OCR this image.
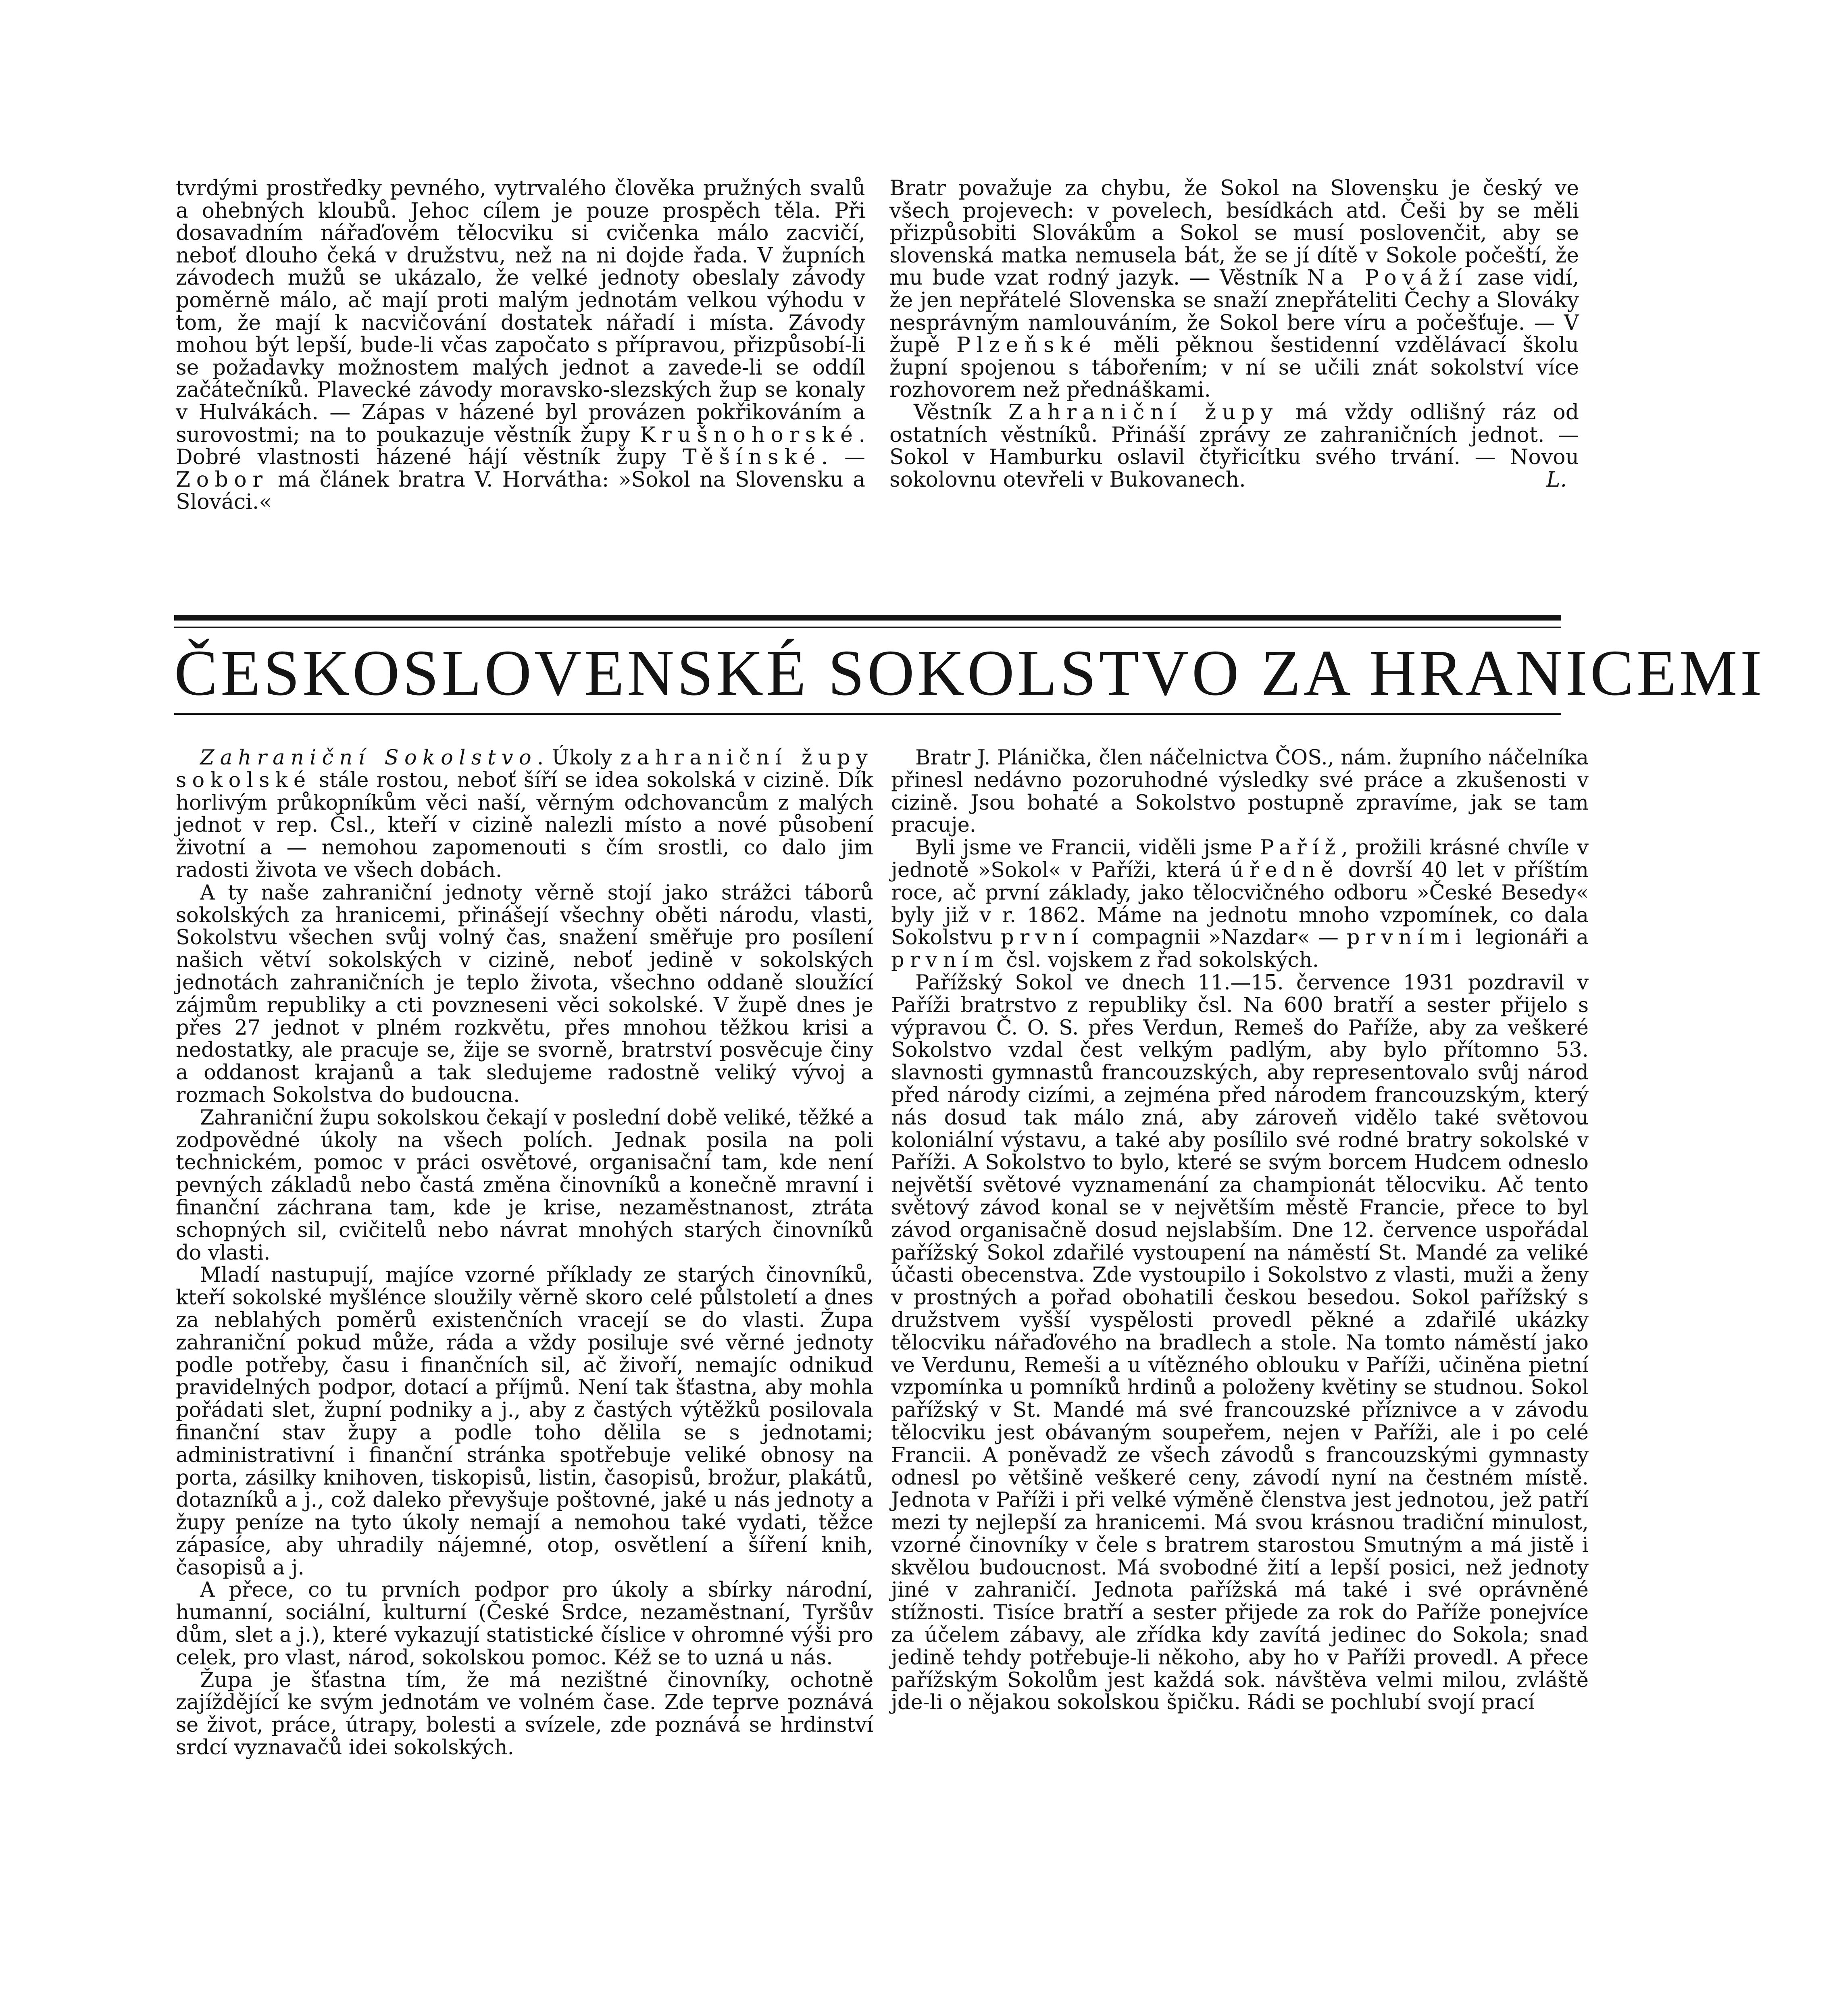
tvrdými prostředky pevného, vytrvalého člověka pružných svalů a ohebných kloubů. Jehoc cílem je pouze prospěch těla. Při dosavadním nářaďovém tělocviku si cvičenka málo zacvičí, neboť dlouho čeká v družstvu, než na ni dojde řada. V župních závodech mužů se ukázalo, že velké jednoty obeslaly závody poměrně málo, ač mají proti malým jednotám velkou výhodu v tom, že mají k nacvičování dostatek nářadí i místa. Závody mohou být lepší, bude-li včas započato s přípravou, přizpůsobí-li se požadavky možnostem malých jednot a zavede-li se oddíl začátečníků. Plavecké závody moravsko-slezských žup se konaly v Hulvákách. — Zápas v házené byl provázen pokřikováním a surovostmi; na to poukazuje věstník župy Krušnohorské. Dobré vlastnosti házené hájí věstník župy Těšínské. — Zobor má článek bratra V. Horvátha: »Sokol na Slovensku a Slováci.«

Bratr považuje za chybu, že Sokol na Slovensku je český ve všech projevech: v povelech, besídkách atd. Češi by se měli přizpůsobiti Slovákům a Sokol se musí poslovenčit, aby se slovenská matka nemusela bát, že se jí dítě v Sokole počeští, že mu bude vzat rodný jazyk. — Věstník Na Pováží zase vidí, že jen nepřátelé Slovenska se snaží znepřáteliti Čechy a Slováky nesprávným namlouváním, že Sokol bere víru a počešťuje. — V župě Plzeňské měli pěknou šestidenní vzdělávací školu župní spojenou s tábořením; v ní se učili znát sokolství více rozhovorem než přednáškami.

Věstník Zahraniční župy má vždy odlišný ráz od ostatních věstníků. Přináší zprávy ze zahraničních jednot. — Sokol v Hamburku oslavil čtyřicítku svého trvání. — Novou sokolovnu otevřeli v Bukovanech.	L.

ČESKOSLOVENSKÉ SOKOLSTVO ZA HRANICEMI

Zahraniční Sokolstvo. Úkoly zahraniční župy sokolské stále rostou, neboť šíří se idea sokolská v cizině. Dík horlivým průkopníkům věci naší, věrným odchovancům z malých jednot v rep. Čsl., kteří v cizině nalezli místo a nové působení životní a — nemohou zapomenouti s čím srostli, co dalo jim radosti života ve všech dobách.

A ty naše zahraniční jednoty věrně stojí jako strážci táborů sokolských za hranicemi, přinášejí všechny oběti národu, vlasti, Sokolstvu všechen svůj volný čas, snažení směřuje pro posílení našich větví sokolských v cizině, neboť jedině v sokolských jednotách zahraničních je teplo života, všechno oddaně sloužící zájmům republiky a cti povzneseni věci sokolské. V župě dnes je přes 27 jednot v plném rozkvětu, přes mnohou těžkou krisi a nedostatky, ale pracuje se, žije se svorně, bratrství posvěcuje činy a oddanost krajanů a tak sledujeme radostně veliký vývoj a rozmach Sokolstva do budoucna.

Zahraniční župu sokolskou čekají v poslední době veliké, těžké a zodpovědné úkoly na všech polích. Jednak posila na poli technickém, pomoc v práci osvětové, organisační tam, kde není pevných základů nebo častá změna činovníků a konečně mravní i finanční záchrana tam, kde je krise, nezaměstnanost, ztráta schopných sil, cvičitelů nebo návrat mnohých starých činovníků do vlasti.

Mladí nastupují, majíce vzorné příklady ze starých činovníků, kteří sokolské myšlénce sloužily věrně skoro celé půlstoletí a dnes za neblahých poměrů existenčních vracejí se do vlasti. Župa zahraniční pokud může, ráda a vždy posiluje své věrné jednoty podle potřeby, času i finančních sil, ač živoří, nemajíc odnikud pravidelných podpor, dotací a příjmů. Není tak šťastna, aby mohla pořádati slet, župní podniky a j., aby z častých výtěžků posilovala finanční stav župy a podle toho dělila se s jednotami; administrativní i finanční stránka spotřebuje veliké obnosy na porta, zásilky knihoven, tiskopisů, listin, časopisů, brožur, plakátů, dotazníků a j., což daleko převyšuje poštovné, jaké u nás jednoty a župy peníze na tyto úkoly nemají a nemohou také vydati, těžce zápasíce, aby uhradily nájemné, otop, osvětlení a šíření knih, časopisů a j.

A přece, co tu prvních podpor pro úkoly a sbírky národní, humanní, sociální, kulturní (České Srdce, nezaměstnaní, Tyršův dům, slet a j.), které vykazují statistické číslice v ohromné výši pro celek, pro vlast, národ, sokolskou pomoc. Kéž se to uzná u nás.

Župa je šťastna tím, že má nezištné činovníky, ochotně zajíždějící ke svým jednotám ve volném čase. Zde teprve poznává se život, práce, útrapy, bolesti a svízele, zde poznává se hrdinství srdcí vyznavačů idei sokolských.

Bratr J. Plánička, člen náčelnictva ČOS., nám. župního náčelníka přinesl nedávno pozoruhodné výsledky své práce a zkušenosti v cizině. Jsou bohaté a Sokolstvo postupně zpravíme, jak se tam pracuje.

Byli jsme ve Francii, viděli jsme Paříž, prožili krásné chvíle v jednotě »Sokol« v Paříži, která úředně dovrší 40 let v příštím roce, ač první základy, jako tělocvičného odboru »České Besedy« byly již v r. 1862. Máme na jednotu mnoho vzpomínek, co dala Sokolstvu první compagnii »Nazdar« — prvními legionáři a prvním čsl. vojskem z řad sokolských.

Pařížský Sokol ve dnech 11.—15. července 1931 pozdravil v Paříži bratrstvo z republiky čsl. Na 600 bratří a sester přijelo s výpravou Č. O. S. přes Verdun, Remeš do Paříže, aby za veškeré Sokolstvo vzdal čest velkým padlým, aby bylo přítomno 53. slavnosti gymnastů francouzských, aby representovalo svůj národ před národy cizími, a zejména před národem francouzským, který nás dosud tak málo zná, aby zároveň vidělo také světovou koloniální výstavu, a také aby posílilo své rodné bratry sokolské v Paříži. A Sokolstvo to bylo, které se svým borcem Hudcem odneslo největší světové vyznamenání za championát tělocviku. Ač tento světový závod konal se v největším městě Francie, přece to byl závod organisačně dosud nejslabším. Dne 12. července uspořádal pařížský Sokol zdařilé vystoupení na náměstí St. Mandé za veliké účasti obecenstva. Zde vystoupilo i Sokolstvo z vlasti, muži a ženy v prostných a pořad obohatili českou besedou. Sokol pařížský s družstvem vyšší vyspělosti provedl pěkné a zdařilé ukázky tělocviku nářaďového na bradlech a stole. Na tomto náměstí jako ve Verdunu, Remeši a u vítězného oblouku v Paříži, učiněna pietní vzpomínka u pomníků hrdinů a položeny květiny se studnou. Sokol pařížský v St. Mandé má své francouzské příznivce a v závodu tělocviku jest obávaným soupeřem, nejen v Paříži, ale i po celé Francii. A poněvadž ze všech závodů s francouzskými gymnasty odnesl po většině veškeré ceny, závodí nyní na čestném místě. Jednota v Paříži i při velké výměně členstva jest jednotou, jež patří mezi ty nejlepší za hranicemi. Má svou krásnou tradiční minulost, vzorné činovníky v čele s bratrem starostou Smutným a má jistě i skvělou budoucnost. Má svobodné žití a lepší posici, než jednoty jiné v zahraničí. Jednota pařížská má také i své oprávněné stížnosti. Tisíce bratří a sester přijede za rok do Paříže ponejvíce za účelem zábavy, ale zřídka kdy zavítá jedinec do Sokola; snad jedině tehdy potřebuje-li někoho, aby ho v Paříži provedl. A přece pařížským Sokolům jest každá sok. návštěva velmi milou, zvláště jde-li o nějakou sokolskou špičku. Rádi se pochlubí svojí prací
